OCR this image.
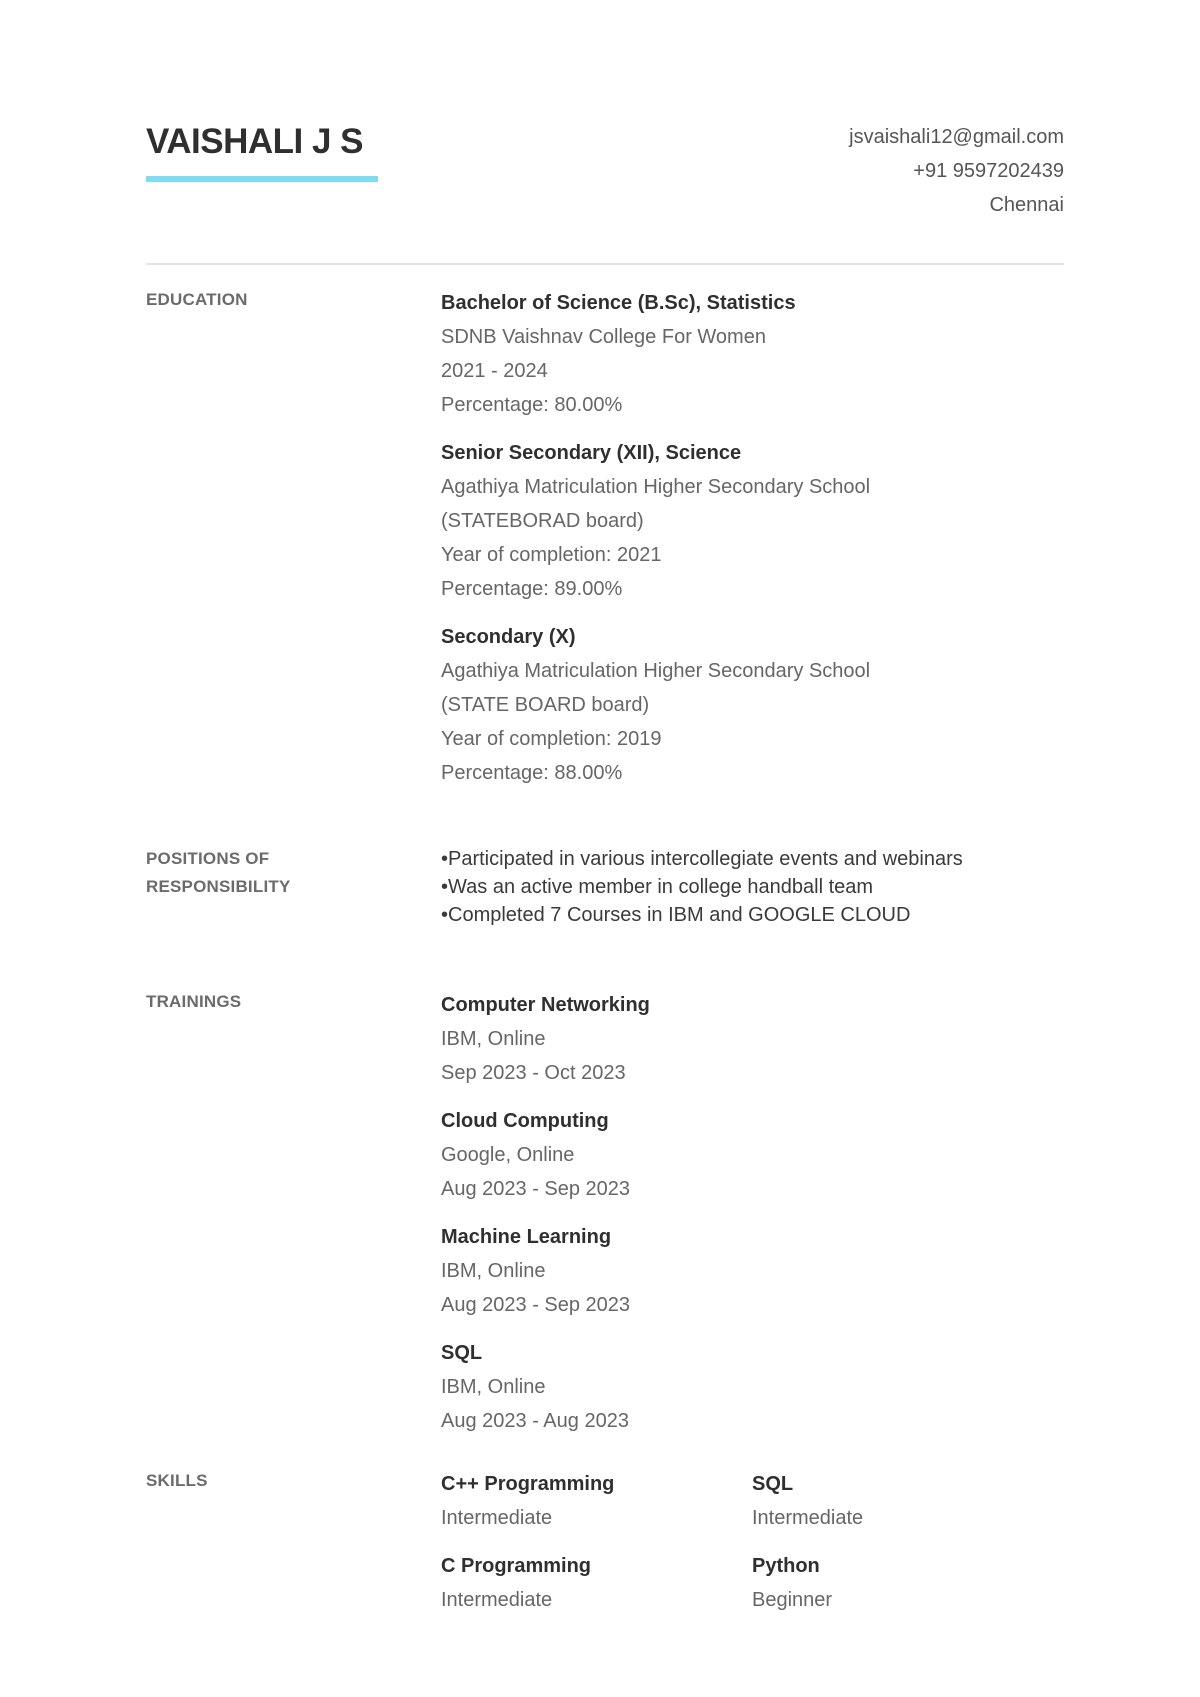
VAISHALI J S	jsvaishali12@gmail.com
+91 9597202439
Chennai
EDUCATION	Bachelor of Science (B.Sc), Statistics
SDNB Vaishnav College For Women
2021 - 2024
Percentage: 80.00%
Senior Secondary (XII), Science
Agathiya Matriculation Higher Secondary School
(STATEBORAD board)
Year of completion: 2021
Percentage: 89.00%
Secondary (X)
Agathiya Matriculation Higher Secondary School
(STATE BOARD board)
Year of completion: 2019
Percentage: 88.00%
POSITIONS OF
RESPONSIBILITY
•Participated in various intercollegiate events and webinars
•Was an active member in college handball team
•Completed 7 Courses in IBM and GOOGLE CLOUD
TRAININGS	Computer Networking
IBM, Online
Sep 2023 - Oct 2023
Cloud Computing
Google, Online
Aug 2023 - Sep 2023
Machine Learning
IBM, Online
Aug 2023 - Sep 2023
SQL
IBM, Online
Aug 2023 - Aug 2023
SKILLS	C++ Programming
Intermediate
SQL
Intermediate
C Programming
Intermediate
Python
Beginner
